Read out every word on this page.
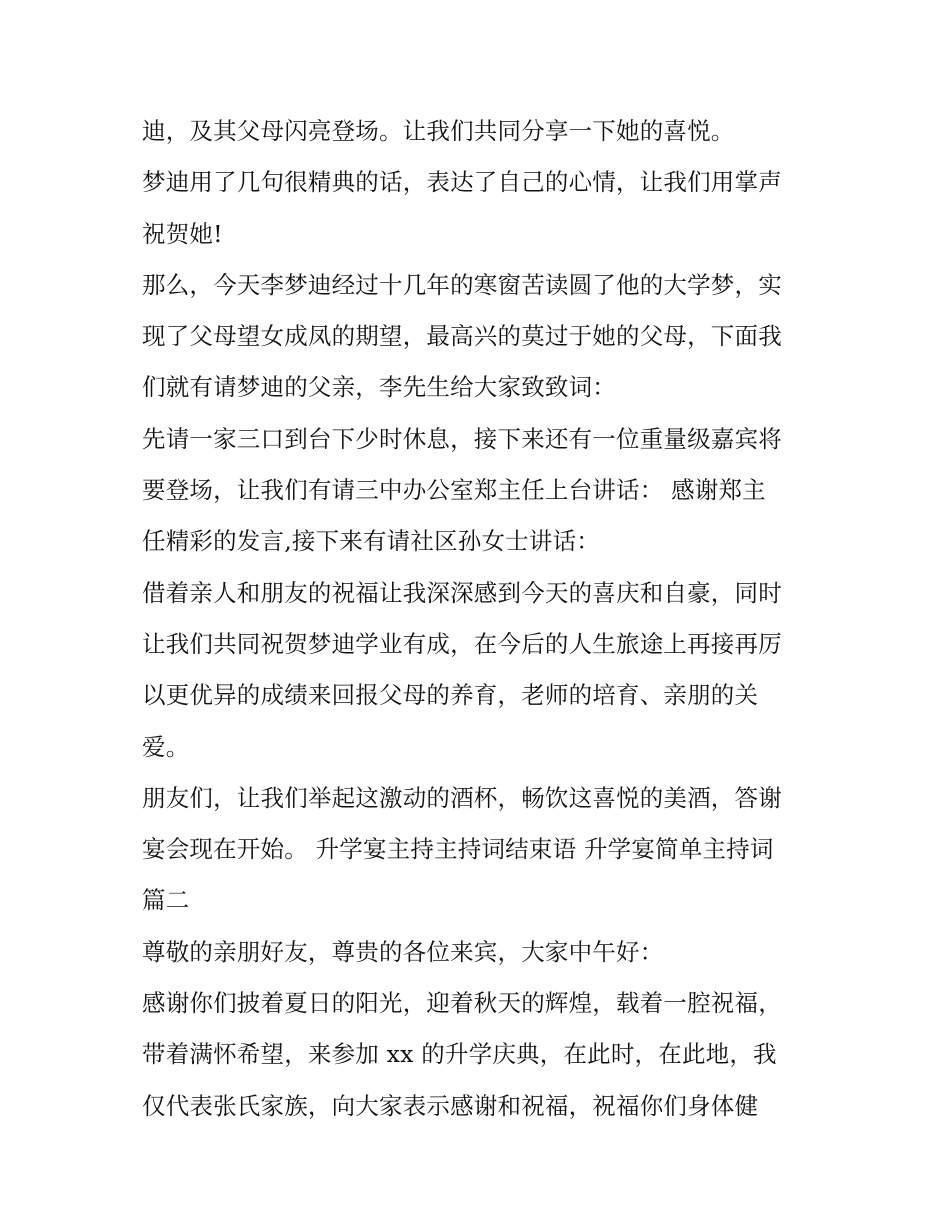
迪，及其父母闪亮登场。让我们共同分享一下她的喜悦。
梦迪用了几句很精典的话，表达了自己的心情，让我们用掌声
祝贺她!
那么，今天李梦迪经过十几年的寒窗苦读圆了他的大学梦，实
现了父母望女成凤的期望，最高兴的莫过于她的父母，下面我
们就有请梦迪的父亲，李先生给大家致致词：
先请一家三口到台下少时休息，接下来还有一位重量级嘉宾将
要登场，让我们有请三中办公室郑主任上台讲话： 感谢郑主
任精彩的发言,接下来有请社区孙女士讲话：
借着亲人和朋友的祝福让我深深感到今天的喜庆和自豪，同时
让我们共同祝贺梦迪学业有成，在今后的人生旅途上再接再厉
以更优异的成绩来回报父母的养育，老师的培育、亲朋的关
爱。
朋友们，让我们举起这激动的酒杯，畅饮这喜悦的美酒，答谢
宴会现在开始。 升学宴主持主持词结束语 升学宴简单主持词
篇二
尊敬的亲朋好友，尊贵的各位来宾，大家中午好：
感谢你们披着夏日的阳光，迎着秋天的辉煌，载着一腔祝福，
带着满怀希望，来参加 xx 的升学庆典，在此时，在此地，我
仅代表张氏家族，向大家表示感谢和祝福，祝福你们身体健
